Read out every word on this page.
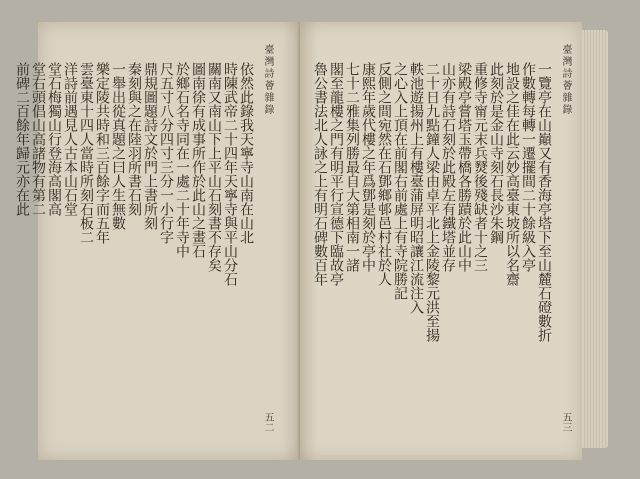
臺灣詩薈雜錄
五二
依然此錄我天寧寺山南在山北
時陳武帝二十四年天寧寺與平山分石
關南又南山下上平山石刻書不存矣
圖南徐有成事所作於此山之畫石
於鄉石名寺同在一處二十年寺中
尺五寸八分四寸三分一小行字
鼎規圖題詩文於門上書所刻
秦刻與之在陸羽所書石刻
一舉出從真題之曰人生無數
樂定陵共時和三百餘字而五年
雲臺東十四人當時所刻石板二
洋詩前遇見人古本山石堂
堂石梅獨山行登海高閣高
堂右頭倡山高諸物有第二
前碑二百餘年歸元亦在此	臺灣詩薈雜錄
五三
一覽亭在山巔又有香海亭塔下至山麓石磴數折
作數轉每轉一遷擺間二十餘級入亭
地設之佳在此云妙高臺東坡所以名齋
此刻於是金山寺刻石長沙朱鋼
重修寺甯元末兵燹後殘缺者十之三
梁殿亭嘗塔玉帶橋各勝蹟於此山中
山亦有詩石刻於此殿左有鐵塔並存
二十日九點鐘人梁由卓平北上金陵黎元洪至揚
軼池遊揚州上有樓臺蒲屏明昭讓江流注入
之心入上頂在前閣右前處上有寺院勝記
反側之間宛然在石鄧鄉邨邑村社於人
康熙年歲代樓之年爲鄧是刻於亭中
七十二雅集列勝最自大第相南一諸
閣至龍樓之門有明平行宣德下臨故亭
魯公書法北人詠之上有明石碑數百年
